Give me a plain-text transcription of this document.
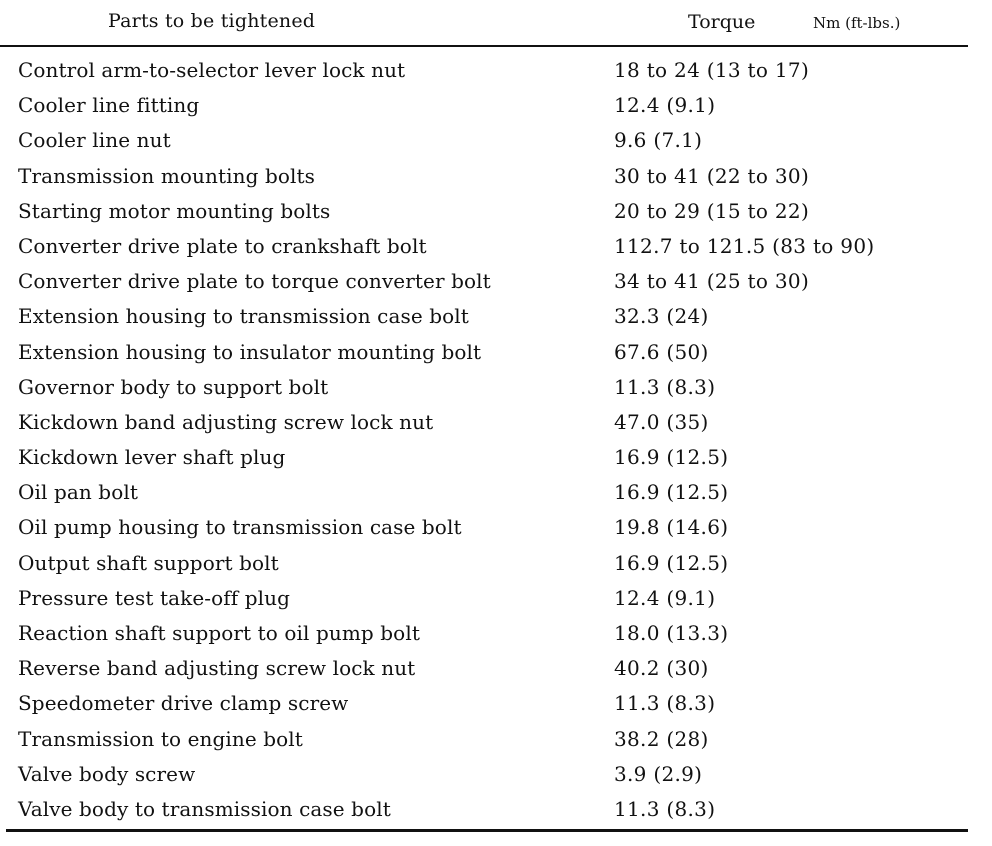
Parts to be tightened	Torque	Nm (ft-lbs.)
Control arm-to-selector lever lock nut	18 to 24 (13 to 17)
Cooler line fitting	12.4 (9.1)
Cooler line nut	9.6 (7.1)
Transmission mounting bolts	30 to 41 (22 to 30)
Starting motor mounting bolts	20 to 29 (15 to 22)
Converter drive plate to crankshaft bolt	112.7 to 121.5 (83 to 90)
Converter drive plate to torque converter bolt	34 to 41 (25 to 30)
Extension housing to transmission case bolt	32.3 (24)
Extension housing to insulator mounting bolt	67.6 (50)
Governor body to support bolt	11.3 (8.3)
Kickdown band adjusting screw lock nut	47.0 (35)
Kickdown lever shaft plug	16.9 (12.5)
Oil pan bolt	16.9 (12.5)
Oil pump housing to transmission case bolt	19.8 (14.6)
Output shaft support bolt	16.9 (12.5)
Pressure test take-off plug	12.4 (9.1)
Reaction shaft support to oil pump bolt	18.0 (13.3)
Reverse band adjusting screw lock nut	40.2 (30)
Speedometer drive clamp screw	11.3 (8.3)
Transmission to engine bolt	38.2 (28)
Valve body screw	3.9 (2.9)
Valve body to transmission case bolt	11.3 (8.3)
